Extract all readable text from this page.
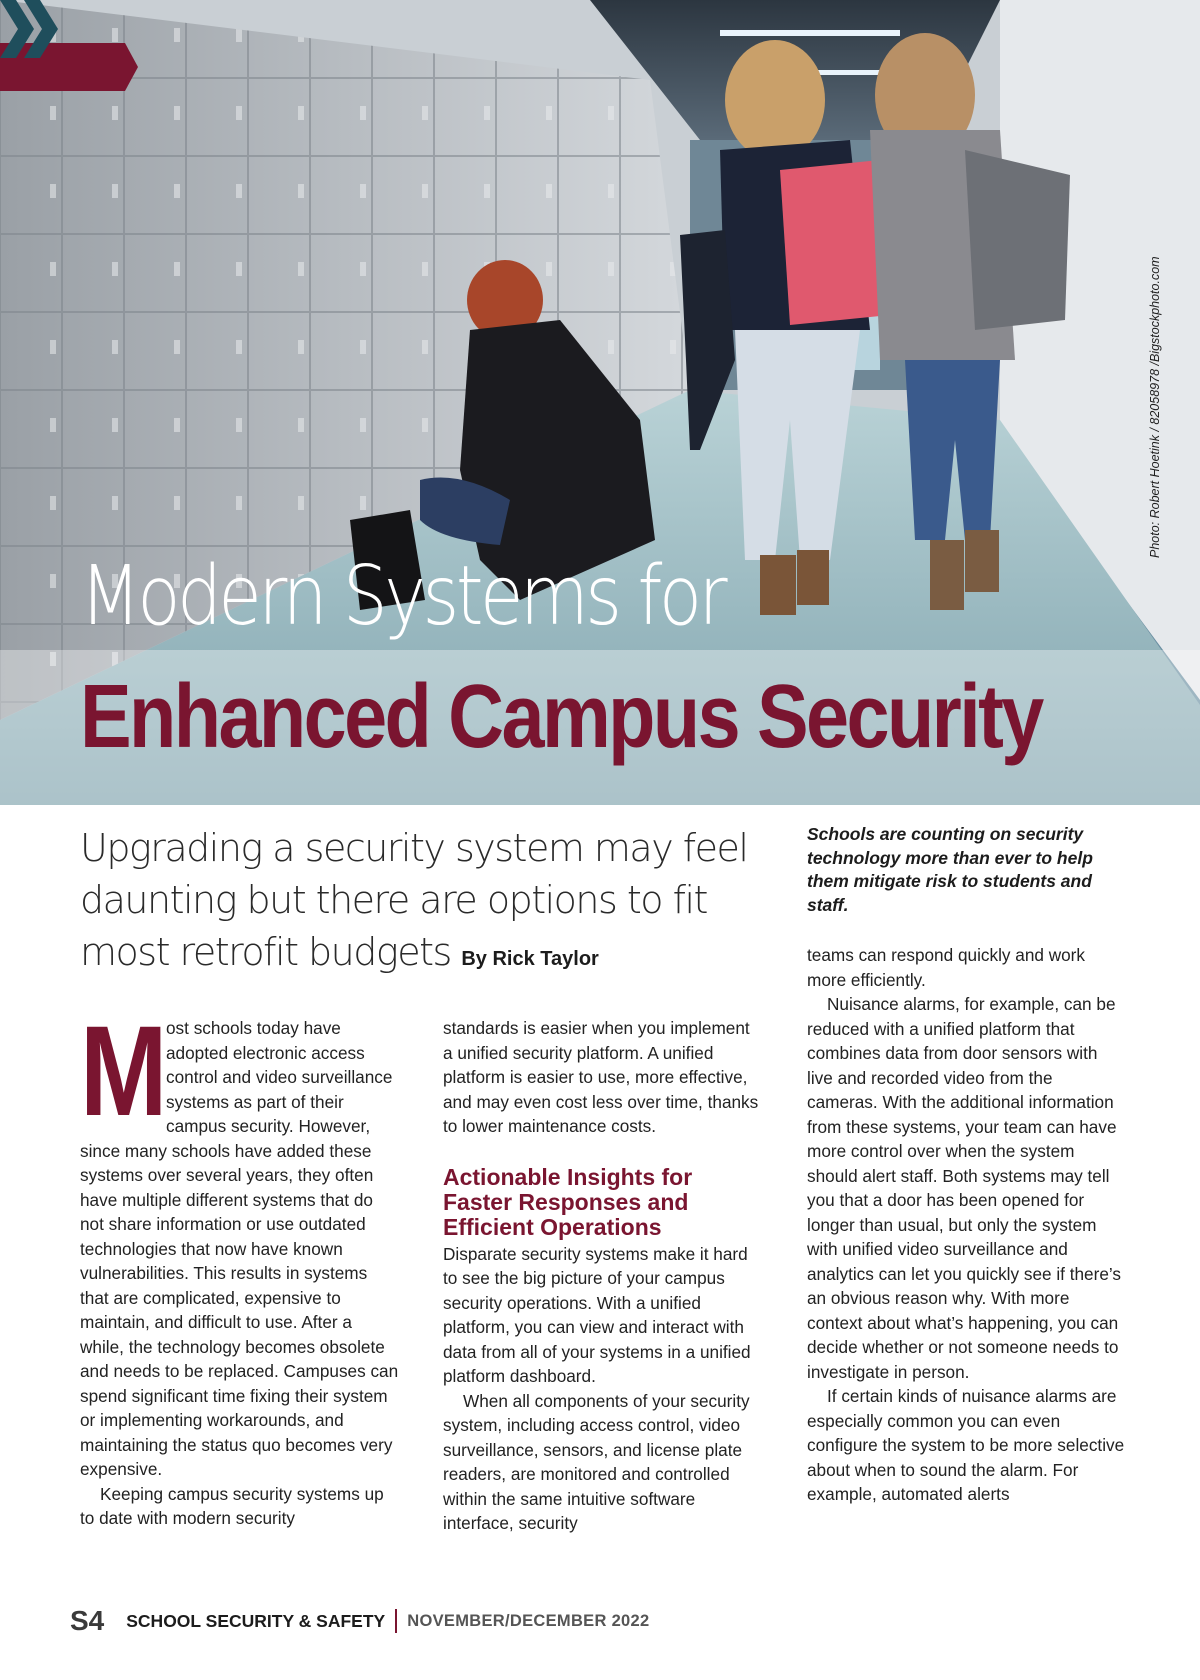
Photo: Robert Hoetink / 82058978 /Bigstockphoto.com
Modern Systems for
Enhanced Campus Security

Upgrading a security system may feel daunting but there are options to fit most retrofit budgets By Rick Taylor

Schools are counting on security technology more than ever to help them mitigate risk to students and staff.

M

ost schools today have adopted electronic access control and video surveillance systems as part of their campus security. However, since many schools have added these systems over several years, they often have multiple different systems that do not share information or use outdated technologies that now have known vulnerabilities. This results in systems that are complicated, expensive to maintain, and difficult to use. After a while, the technology becomes obsolete and needs to be replaced. Campuses can spend significant time fixing their system or implementing workarounds, and maintaining the status quo becomes very expensive.

Keeping campus security systems up to date with modern security

standards is easier when you implement a unified security platform. A unified platform is easier to use, more effective, and may even cost less over time, thanks to lower maintenance costs.

Actionable Insights for Faster Responses and Efficient Operations

Disparate security systems make it hard to see the big picture of your campus security operations. With a unified platform, you can view and interact with data from all of your systems in a unified platform dashboard.

When all components of your security system, including access control, video surveillance, sensors, and license plate readers, are monitored and controlled within the same intuitive software interface, security

teams can respond quickly and work more efficiently.

Nuisance alarms, for example, can be reduced with a unified platform that combines data from door sensors with live and recorded video from the cameras. With the additional information from these systems, your team can have more control over when the system should alert staff. Both systems may tell you that a door has been opened for longer than usual, but only the system with unified video surveillance and analytics can let you quickly see if there’s an obvious reason why. With more context about what’s happening, you can decide whether or not someone needs to investigate in person.

If certain kinds of nuisance alarms are especially common you can even configure the system to be more selective about when to sound the alarm. For example, automated alerts

S4 SCHOOL SECURITY & SAFETY NOVEMBER/DECEMBER 2022
